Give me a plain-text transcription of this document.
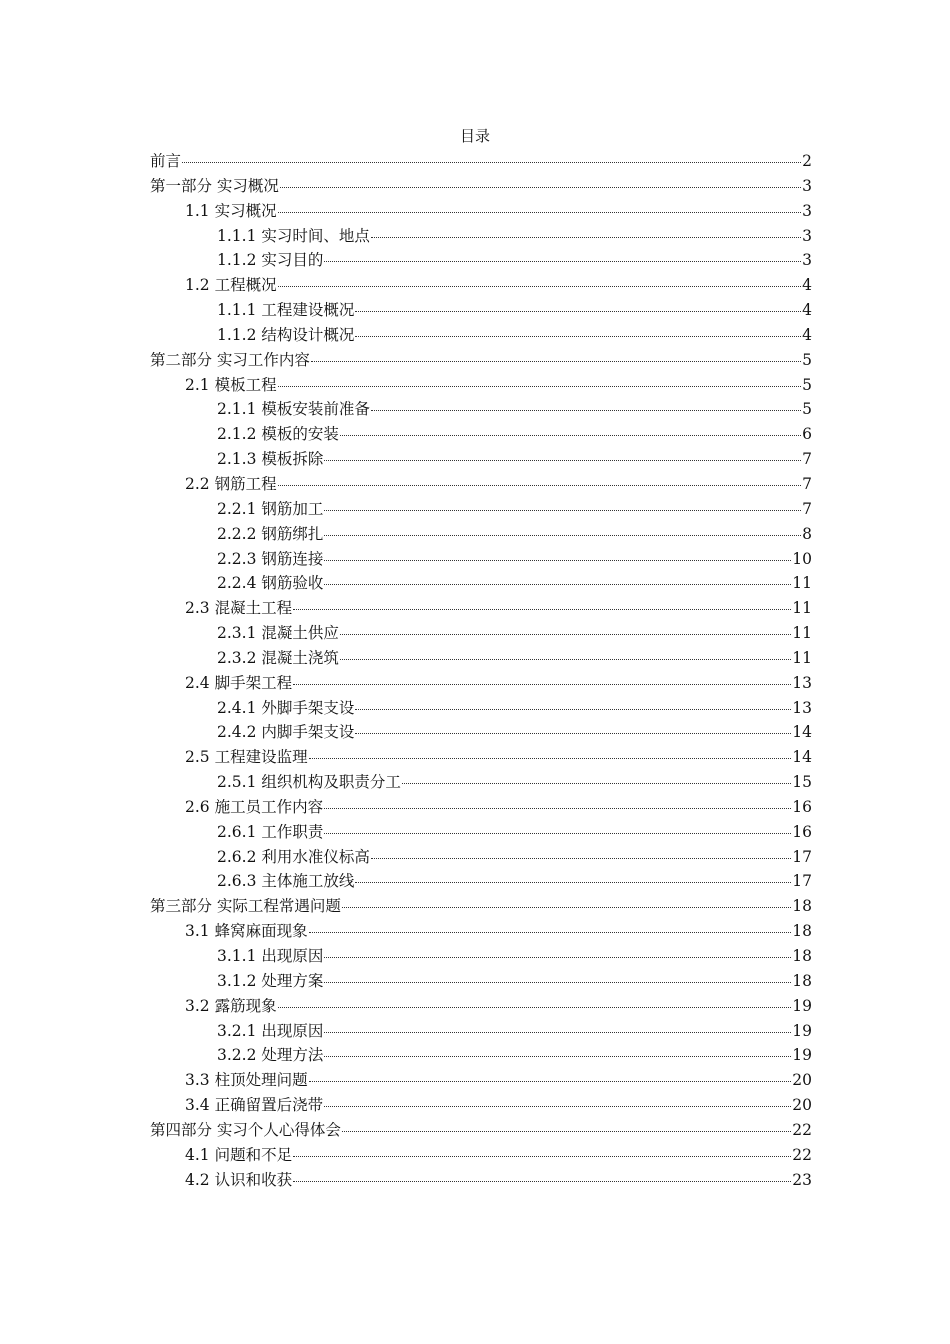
目录
前言	2
第一部分 实习概况	3
1.1 实习概况	3
1.1.1 实习时间、地点	3
1.1.2 实习目的	3
1.2 工程概况	4
1.1.1 工程建设概况	4
1.1.2 结构设计概况	4
第二部分 实习工作内容	5
2.1 模板工程	5
2.1.1 模板安装前准备	5
2.1.2 模板的安装	6
2.1.3 模板拆除	7
2.2 钢筋工程	7
2.2.1 钢筋加工	7
2.2.2 钢筋绑扎	8
2.2.3 钢筋连接	10
2.2.4 钢筋验收	11
2.3 混凝土工程	11
2.3.1 混凝土供应	11
2.3.2 混凝土浇筑	11
2.4 脚手架工程	13
2.4.1 外脚手架支设	13
2.4.2 内脚手架支设	14
2.5 工程建设监理	14
2.5.1 组织机构及职责分工	15
2.6 施工员工作内容	16
2.6.1 工作职责	16
2.6.2 利用水准仪标高	17
2.6.3 主体施工放线	17
第三部分 实际工程常遇问题	18
3.1 蜂窝麻面现象	18
3.1.1 出现原因	18
3.1.2 处理方案	18
3.2 露筋现象	19
3.2.1 出现原因	19
3.2.2 处理方法	19
3.3 柱顶处理问题	20
3.4 正确留置后浇带	20
第四部分 实习个人心得体会	22
4.1 问题和不足	22
4.2 认识和收获	23
